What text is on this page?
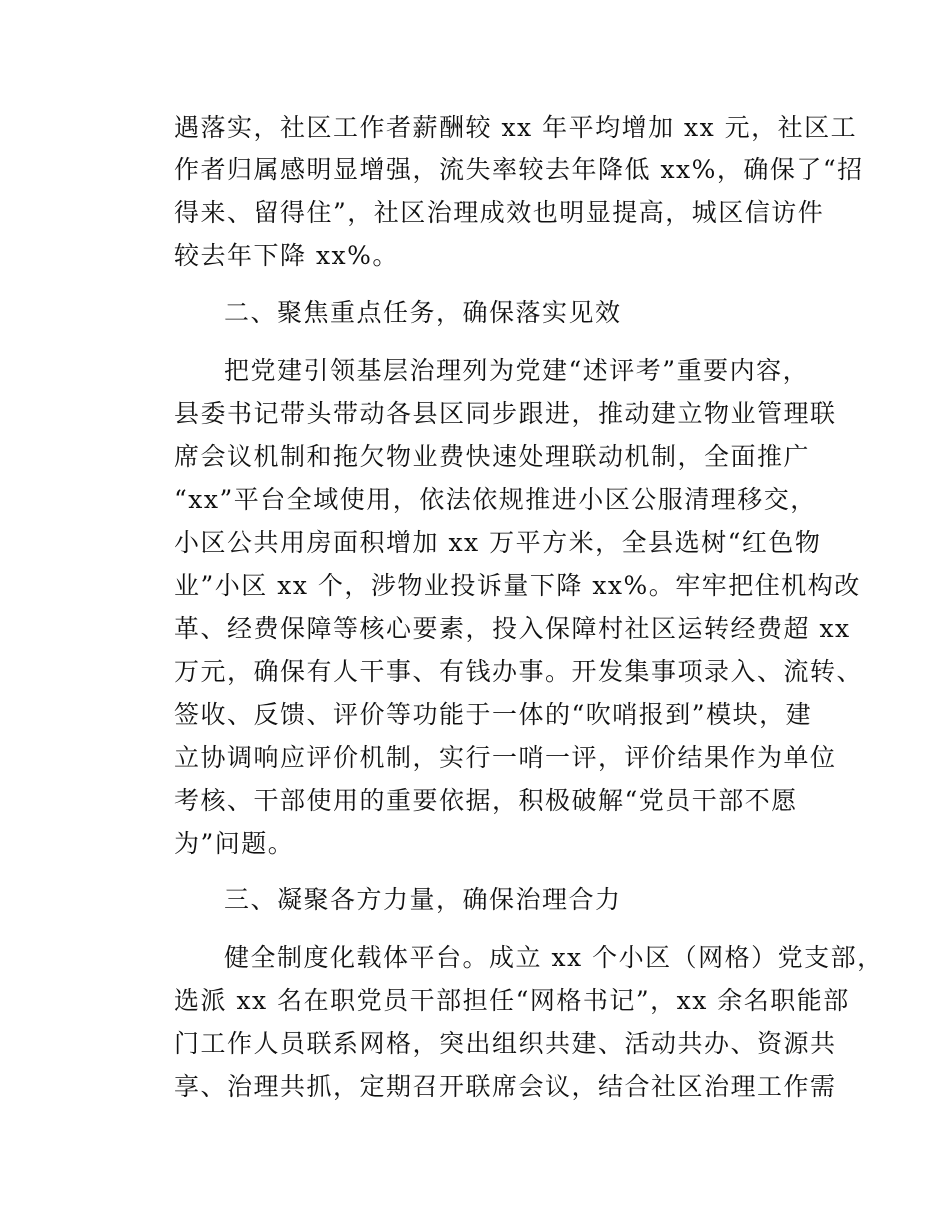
遇落实，社区工作者薪酬较 xx 年平均增加 xx 元，社区工
作者归属感明显增强，流失率较去年降低 xx%，确保了“招
得来、留得住”，社区治理成效也明显提高，城区信访件
较去年下降 xx%。
二、聚焦重点任务，确保落实见效
把党建引领基层治理列为党建“述评考”重要内容，
县委书记带头带动各县区同步跟进，推动建立物业管理联
席会议机制和拖欠物业费快速处理联动机制，全面推广
“xx”平台全域使用，依法依规推进小区公服清理移交，
小区公共用房面积增加 xx 万平方米，全县选树“红色物
业”小区 xx 个，涉物业投诉量下降 xx%。牢牢把住机构改
革、经费保障等核心要素，投入保障村社区运转经费超 xx
万元，确保有人干事、有钱办事。开发集事项录入、流转、
签收、反馈、评价等功能于一体的“吹哨报到”模块，建
立协调响应评价机制，实行一哨一评，评价结果作为单位
考核、干部使用的重要依据，积极破解“党员干部不愿
为”问题。
三、凝聚各方力量，确保治理合力
健全制度化载体平台。成立 xx 个小区（网格）党支部，
选派 xx 名在职党员干部担任“网格书记”，xx 余名职能部
门工作人员联系网格，突出组织共建、活动共办、资源共
享、治理共抓，定期召开联席会议，结合社区治理工作需
